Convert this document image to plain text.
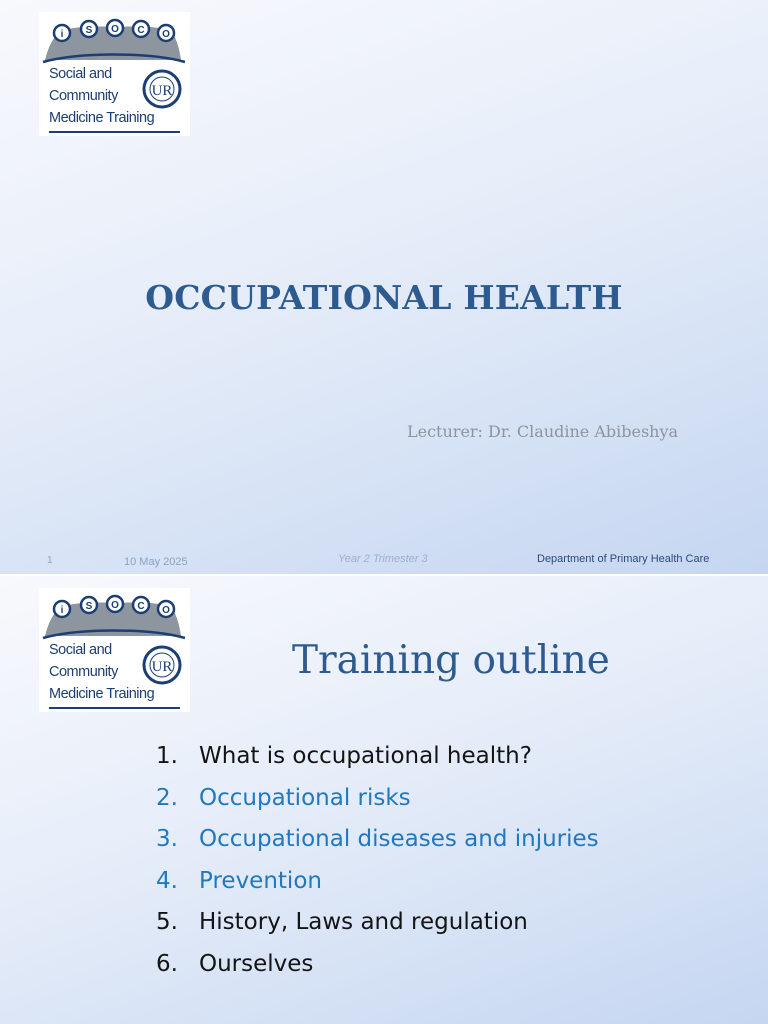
i S O C O
UR
Social and
Community
Medicine Training
OCCUPATIONAL HEALTH
Lecturer: Dr. Claudine Abibeshya
1	10 May 2025	Year 2 Trimester 3	Department of Primary Health Care
i S O C O
UR
Social and
Community
Medicine Training
Training outline
1. What is occupational health?
2. Occupational risks
3. Occupational diseases and injuries
4. Prevention
5. History, Laws and regulation
6. Ourselves
